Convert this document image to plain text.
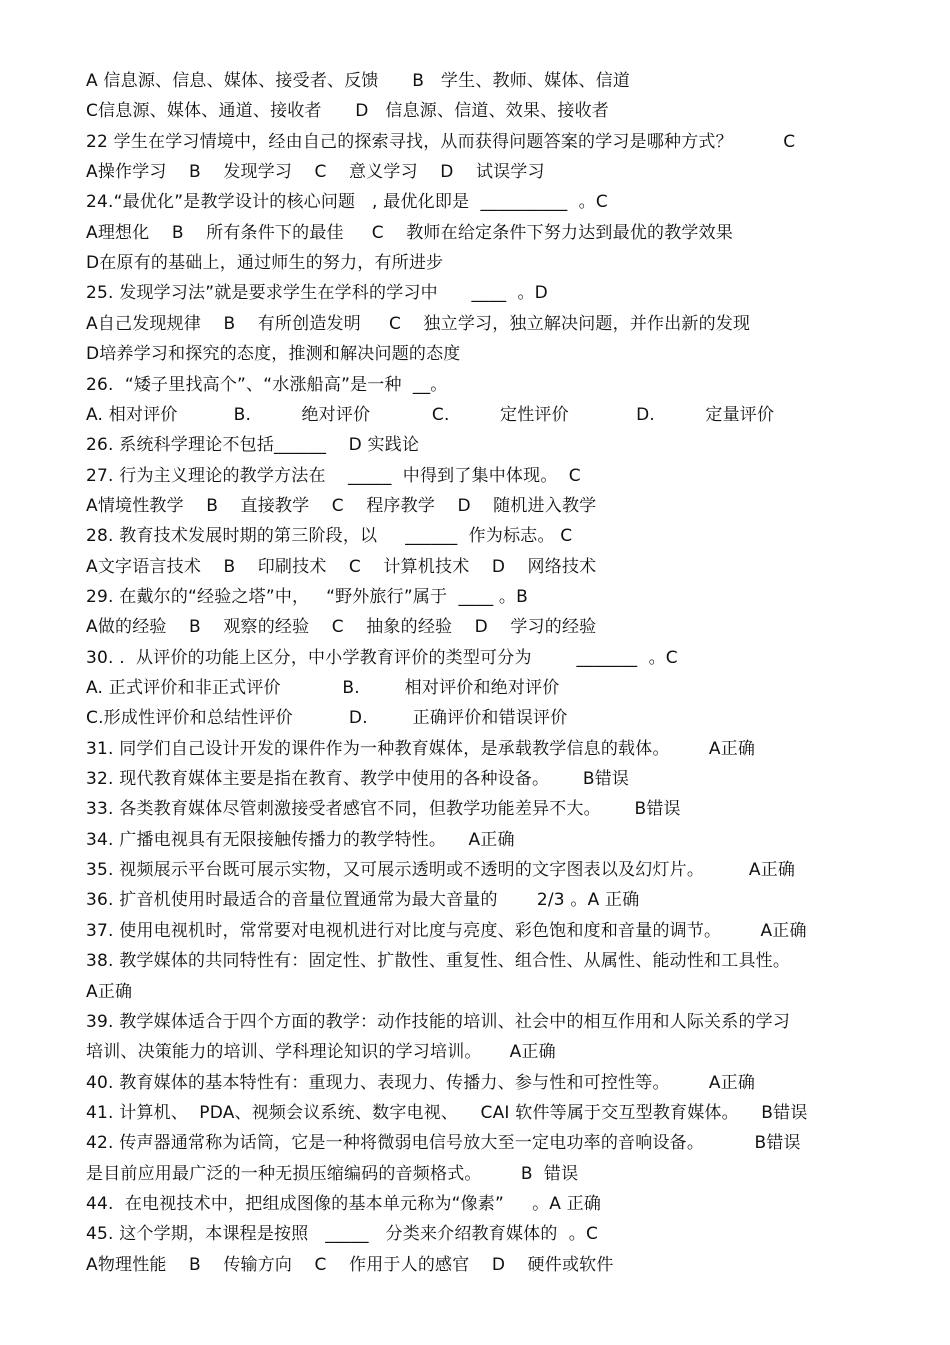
A 信息源、信息、媒体、接受者、反馈      B   学生、教师、媒体、信道
C信息源、媒体、通道、接收者      D   信息源、信道、效果、接收者
22 学生在学习情境中，经由自己的探索寻找，从而获得问题答案的学习是哪种方式？         C
A操作学习    B    发现学习    C    意义学习    D    试误学习
24.“最优化”是教学设计的核心问题   , 最优化即是  __________  。C
A理想化    B    所有条件下的最佳     C    教师在给定条件下努力达到最优的教学效果
D在原有的基础上，通过师生的努力，有所进步
25. 发现学习法”就是要求学生在学科的学习中      ____  。D
A自己发现规律    B    有所创造发明     C    独立学习，独立解决问题，并作出新的发现
D培养学习和探究的态度，推测和解决问题的态度
26.  “矮子里找高个”、“水涨船高”是一种  __。
A. 相对评价          B.         绝对评价           C.         定性评价            D.         定量评价
26. 系统科学理论不包括______    D 实践论
27. 行为主义理论的教学方法在    _____  中得到了集中体现。  C
A情境性教学    B    直接教学    C    程序教学    D    随机进入教学
28. 教育技术发展时期的第三阶段，以     ______  作为标志。 C
A文字语言技术    B    印刷技术    C    计算机技术    D    网络技术
29. 在戴尔的“经验之塔”中，   “野外旅行”属于  ____ 。B
A做的经验    B    观察的经验    C    抽象的经验    D    学习的经验
30. .  从评价的功能上区分，中小学教育评价的类型可分为        _______  。C
A. 正式评价和非正式评价           B.        相对评价和绝对评价
C.形成性评价和总结性评价          D.        正确评价和错误评价
31. 同学们自己设计开发的课件作为一种教育媒体，是承载教学信息的载体。       A正确
32. 现代教育媒体主要是指在教育、教学中使用的各种设备。      B错误
33. 各类教育媒体尽管刺激接受者感官不同，但教学功能差异不大。      B错误
34. 广播电视具有无限接触传播力的教学特性。    A正确
35. 视频展示平台既可展示实物，又可展示透明或不透明的文字图表以及幻灯片。        A正确
36. 扩音机使用时最适合的音量位置通常为最大音量的       2/3 。A 正确
37. 使用电视机时，常常要对电视机进行对比度与亮度、彩色饱和度和音量的调节。       A正确
38. 教学媒体的共同特性有：固定性、扩散性、重复性、组合性、从属性、能动性和工具性。
A正确
39. 教学媒体适合于四个方面的教学：动作技能的培训、社会中的相互作用和人际关系的学习
培训、决策能力的培训、学科理论知识的学习培训。     A正确
40. 教育媒体的基本特性有：重现力、表现力、传播力、参与性和可控性等。       A正确
41. 计算机、  PDA、视频会议系统、数字电视、    CAI 软件等属于交互型教育媒体。    B错误
42. 传声器通常称为话筒，它是一种将微弱电信号放大至一定电功率的音响设备。         B错误
是目前应用最广泛的一种无损压缩编码的音频格式。       B  错误
44.  在电视技术中，把组成图像的基本单元称为“像素”     。A 正确
45. 这个学期，本课程是按照   _____   分类来介绍教育媒体的  。C
A物理性能    B    传输方向    C    作用于人的感官    D    硬件或软件
